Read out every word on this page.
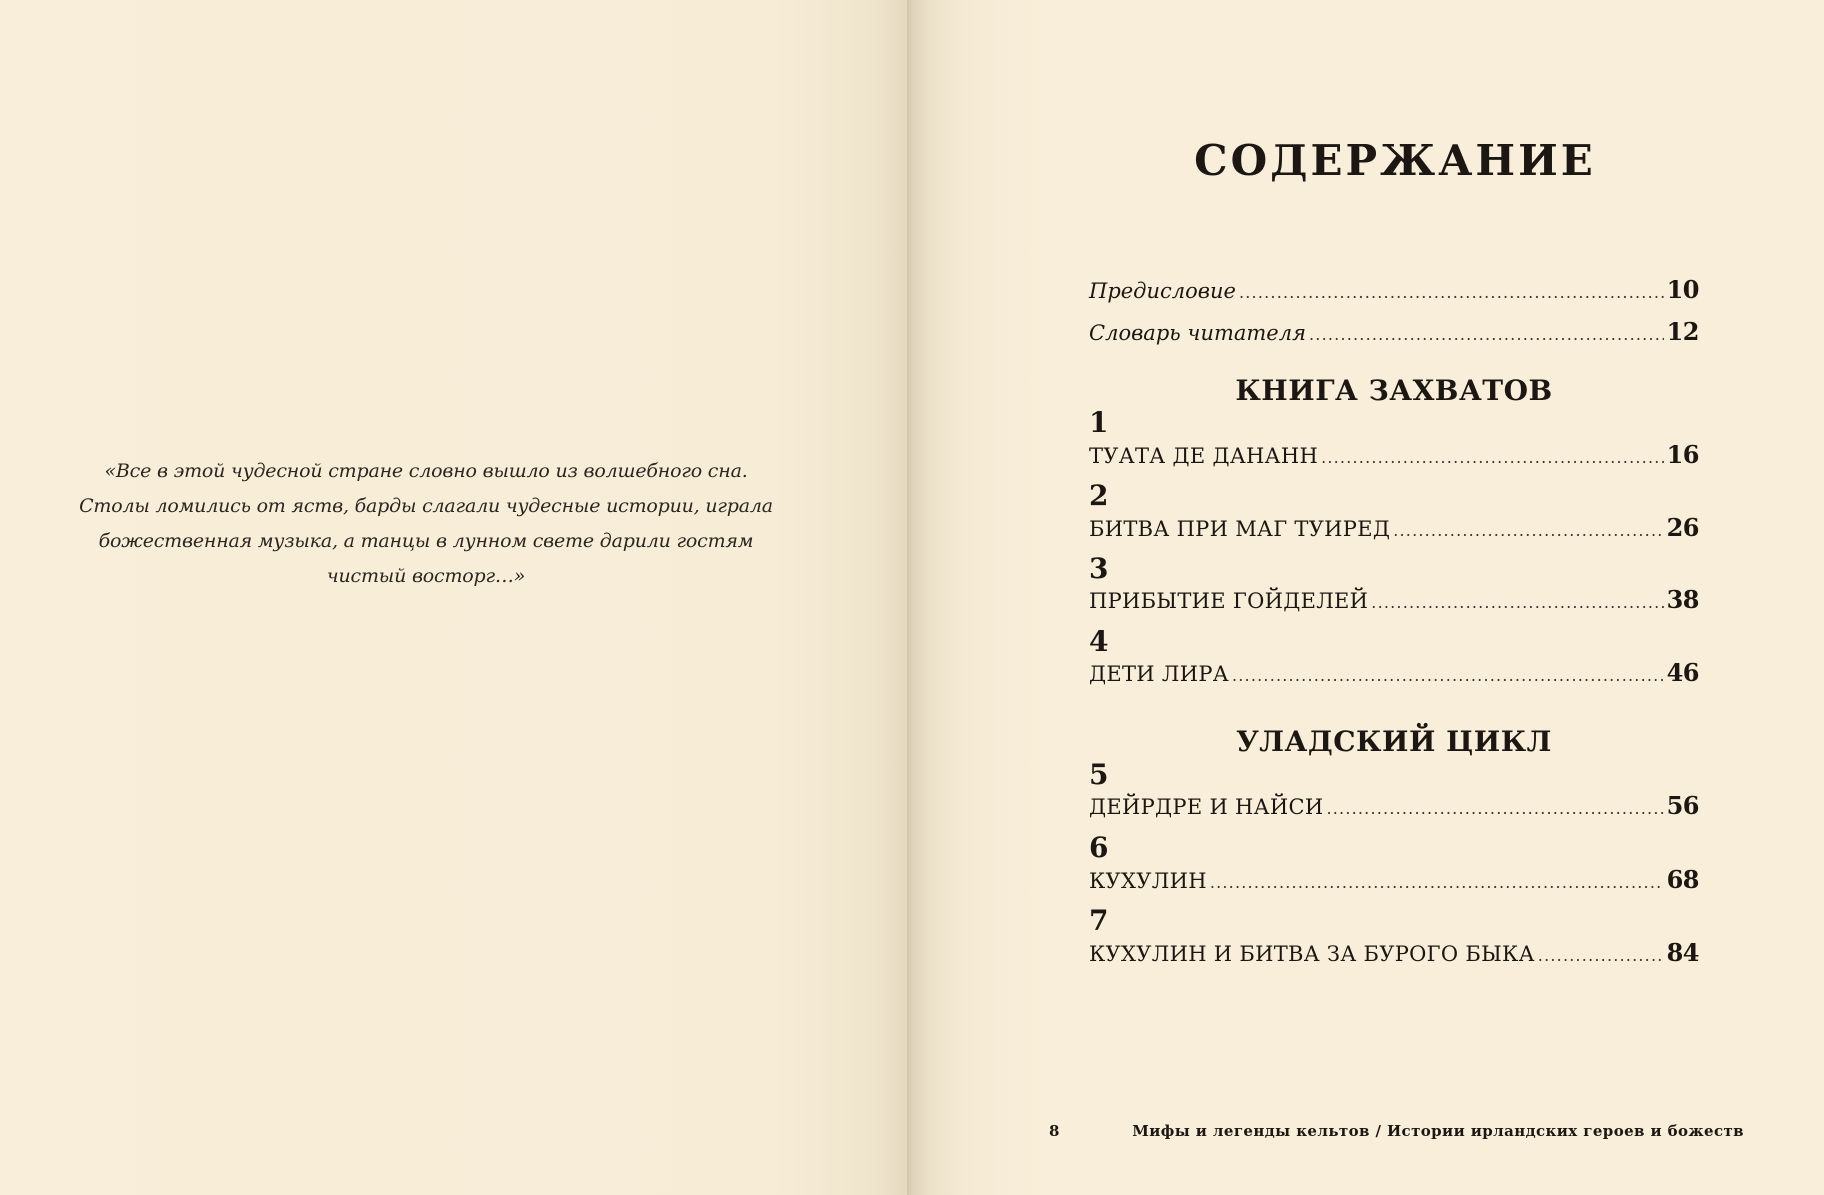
«Все в этой чудесной стране словно вышло из волшебного сна. Столы ломились от яств, барды слагали чудесные истории, играла божественная музыка, а танцы в лунном свете дарили гостям чистый восторг…»

СОДЕРЖАНИЕ
Предисловие .....	10
Словарь читателя .....	12
КНИГА ЗАХВАТОВ
1
ТУАТА ДЕ ДАНАНН .....	16
2
БИТВА ПРИ МАГ ТУИРЕД .....	26
3
ПРИБЫТИЕ ГОЙДЕЛЕЙ .....	38
4
ДЕТИ ЛИРА .....	46
УЛАДСКИЙ ЦИКЛ
5
ДЕЙРДРЕ И НАЙСИ .....	56
6
КУХУЛИН .....	68
7
КУХУЛИН И БИТВА ЗА БУРОГО БЫКА .....	84
8	Мифы и легенды кельтов / Истории ирландских героев и божеств
